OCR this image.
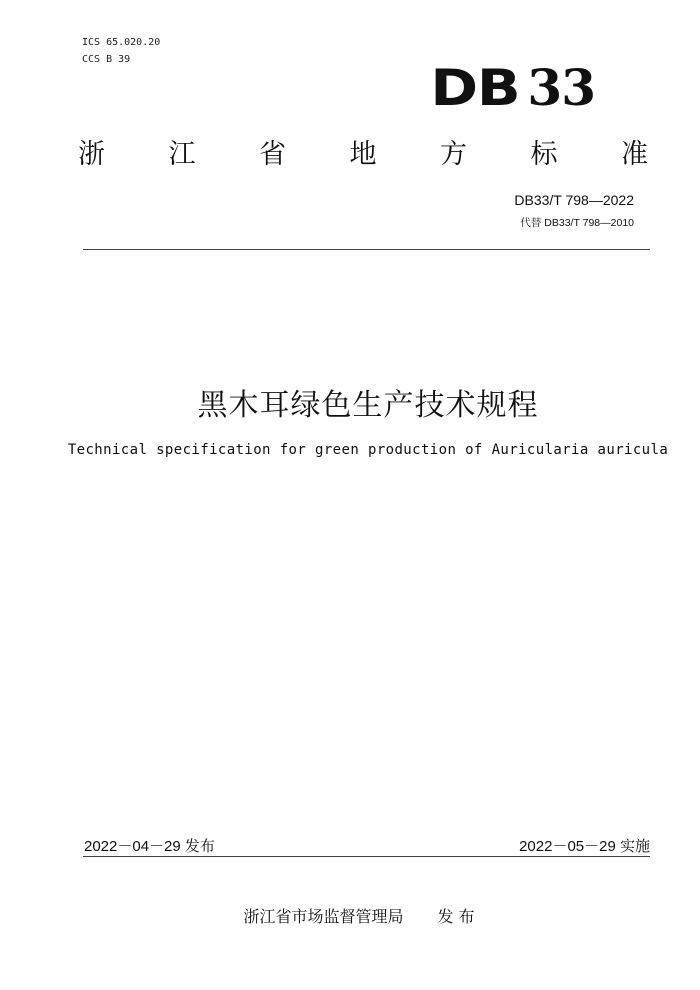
ICS 65.020.20
CCS B 39	DB 33
浙 江 省 地 方 标 准
DB33/T 798—2022
代替 DB33/T 798—2010
黑木耳绿色生产技术规程
Technical specification for green production of Auricularia auricula
2022－04－29 发布	2022－05－29 实施
浙江省市场监督管理局 发 布
